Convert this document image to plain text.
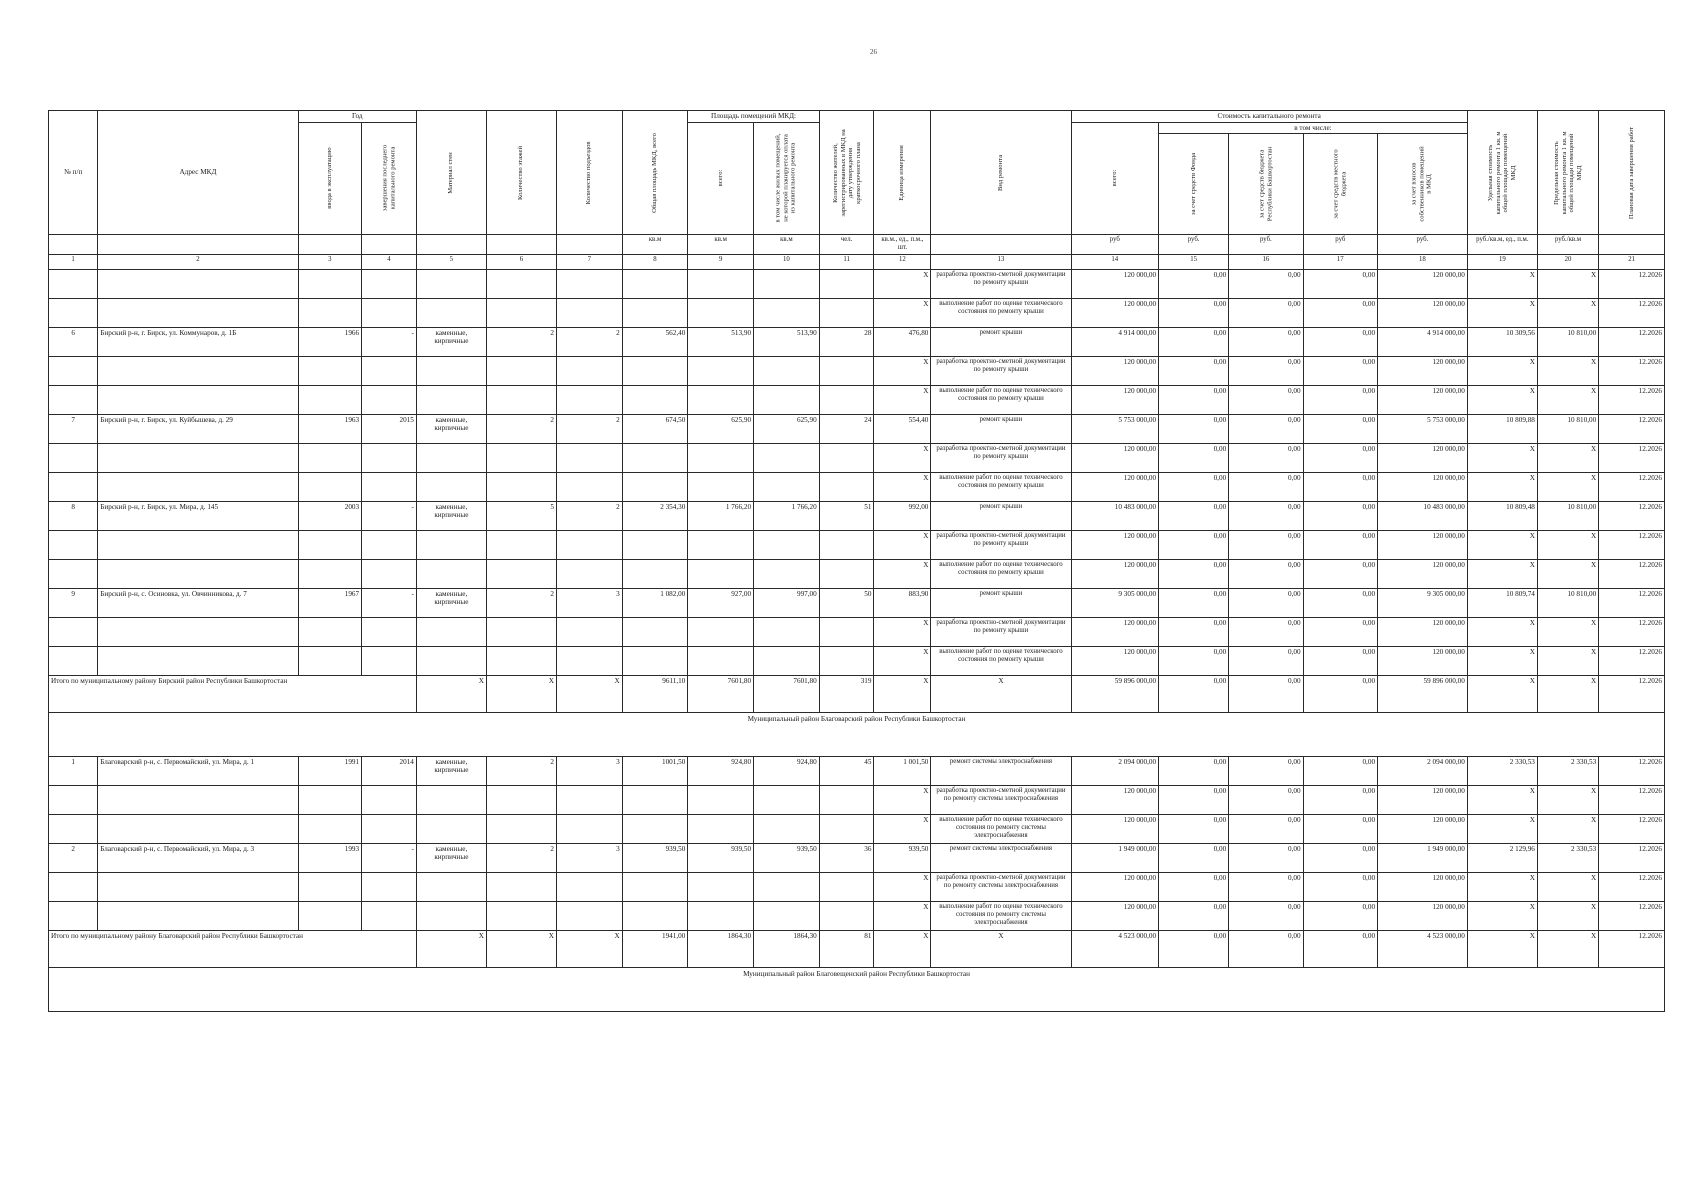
26
№ п/п	Адрес МКД	Год		Материал стен	Количество этажей	Количество подъездов	Общая площадь МКД, всего	Площадь помещений МКД:		Количество жителей, зарегистрированных в МКД на дату утверждения краткосрочного плана	Единица измерения	Вид ремонта	Стоимость капитального ремонта					Удельная стоимость капитального ремонта 1 кв. м общей площади помещений МКД	Предельная стоимость капитального ремонта 1 кв. м общей площади помещений МКД	Плановая дата завершения работ

		ввода в эксплуатацию	завершения последнего капитального ремонта					всего:	в том числе жилых помещений, не которой планируется оплата из капитального ремонта				всего:	в том числе:						

														за счет средств Фонда	за счет средств бюджета Республики Башкортостан	за счет средств местного бюджета	за счет взносов собственников помещений в МКД			

							кв.м	кв.м	кв.м	чел.	кв.м., ед., п.м., шт.		руб	руб.	руб.	руб	руб.	руб./кв.м, ед., п.м.	руб./кв.м	
1	2	3	4	5	6	7	8	9	10	11	12	13	14	15	16	17	18	19	20	21
											X	разработка проектно-сметной документации по ремонту крыши	120 000,00	0,00	0,00	0,00	120 000,00	X	X	12.2026
											X	выполнение работ по оценке технического состояния по ремонту крыши	120 000,00	0,00	0,00	0,00	120 000,00	X	X	12.2026
6	Бирский р-н, г. Бирск, ул. Коммунаров, д. 1Б	1966	-	каменные, кирпичные	2	2	562,40	513,90	513,90	28	476,80	ремонт крыши	4 914 000,00	0,00	0,00	0,00	4 914 000,00	10 309,56	10 810,00	12.2026
											X	разработка проектно-сметной документации по ремонту крыши	120 000,00	0,00	0,00	0,00	120 000,00	X	X	12.2026
											X	выполнение работ по оценке технического состояния по ремонту крыши	120 000,00	0,00	0,00	0,00	120 000,00	X	X	12.2026
7	Бирский р-н, г. Бирск, ул. Куйбышева, д. 29	1963	2015	каменные, кирпичные	2	2	674,50	625,90	625,90	24	554,40	ремонт крыши	5 753 000,00	0,00	0,00	0,00	5 753 000,00	10 809,88	10 810,00	12.2026
											X	разработка проектно-сметной документации по ремонту крыши	120 000,00	0,00	0,00	0,00	120 000,00	X	X	12.2026
											X	выполнение работ по оценке технического состояния по ремонту крыши	120 000,00	0,00	0,00	0,00	120 000,00	X	X	12.2026
8	Бирский р-н, г. Бирск, ул. Мира, д. 145	2003	-	каменные, кирпичные	5	2	2 354,30	1 766,20	1 766,20	51	992,00	ремонт крыши	10 483 000,00	0,00	0,00	0,00	10 483 000,00	10 809,48	10 810,00	12.2026
											X	разработка проектно-сметной документации по ремонту крыши	120 000,00	0,00	0,00	0,00	120 000,00	X	X	12.2026
											X	выполнение работ по оценке технического состояния по ремонту крыши	120 000,00	0,00	0,00	0,00	120 000,00	X	X	12.2026
9	Бирский р-н, с. Осиновка, ул. Овчинникова, д. 7	1967	-	каменные, кирпичные	2	3	1 082,00	927,00	997,00	50	883,90	ремонт крыши	9 305 000,00	0,00	0,00	0,00	9 305 000,00	10 809,74	10 810,00	12.2026
											X	разработка проектно-сметной документации по ремонту крыши	120 000,00	0,00	0,00	0,00	120 000,00	X	X	12.2026
											X	выполнение работ по оценке технического состояния по ремонту крыши	120 000,00	0,00	0,00	0,00	120 000,00	X	X	12.2026
Итого по муниципальному району Бирский район Республики Башкортостан				X	X	X	9611,10	7601,80	7601,80	319	X	X	59 896 000,00	0,00	0,00	0,00	59 896 000,00	X	X	12.2026
Муниципальный район Благоварский район Республики Башкортостан																				
1	Благоварский р-н, с. Первомайский, ул. Мира, д. 1	1991	2014	каменные, кирпичные	2	3	1001,50	924,80	924,80	45	1 001,50	ремонт системы электроснабжения	2 094 000,00	0,00	0,00	0,00	2 094 000,00	2 330,53	2 330,53	12.2026
											X	разработка проектно-сметной документации по ремонту системы электроснабжения	120 000,00	0,00	0,00	0,00	120 000,00	X	X	12.2026
											X	выполнение работ по оценке технического состояния по ремонту системы электроснабжения	120 000,00	0,00	0,00	0,00	120 000,00	X	X	12.2026
2	Благоварский р-н, с. Первомайский, ул. Мира, д. 3	1993	-	каменные, кирпичные	2	3	939,50	939,50	939,50	36	939,50	ремонт системы электроснабжения	1 949 000,00	0,00	0,00	0,00	1 949 000,00	2 129,96	2 330,53	12.2026
											X	разработка проектно-сметной документации по ремонту системы электроснабжения	120 000,00	0,00	0,00	0,00	120 000,00	X	X	12.2026
											X	выполнение работ по оценке технического состояния по ремонту системы электроснабжения	120 000,00	0,00	0,00	0,00	120 000,00	X	X	12.2026
Итого по муниципальному району Благоварский район Республики Башкортостан				X	X	X	1941,00	1864,30	1864,30	81	X	X	4 523 000,00	0,00	0,00	0,00	4 523 000,00	X	X	12.2026
Муниципальный район Благовещенский район Республики Башкортостан																				
